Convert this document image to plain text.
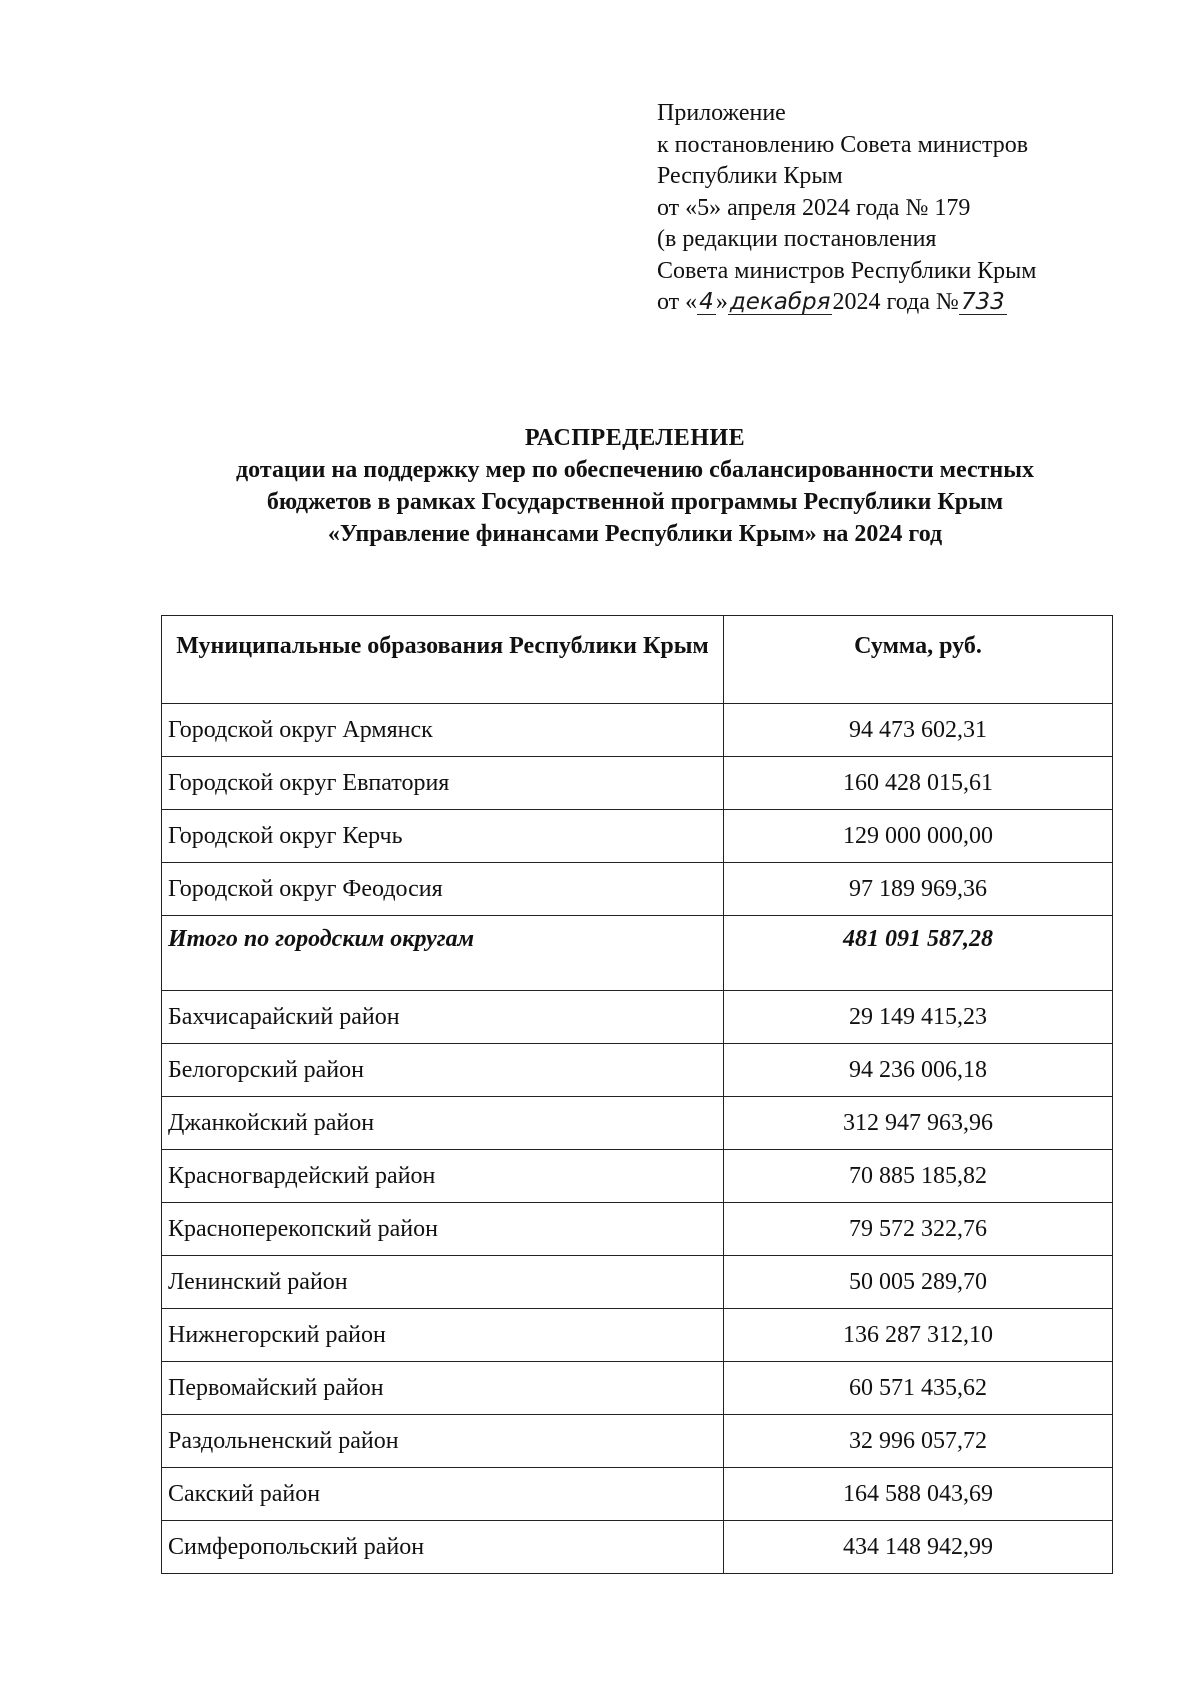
Приложение
к постановлению Совета министров
Республики Крым
от «5» апреля 2024 года № 179
(в редакции постановления
Совета министров Республики Крым
от «4»декабря2024 года №733
РАСПРЕДЕЛЕНИЕ
дотации на поддержку мер по обеспечению сбалансированности местных
бюджетов в рамках Государственной программы Республики Крым
«Управление финансами Республики Крым» на 2024 год
Муниципальные образования Республики Крым	Сумма, руб.
Городской округ Армянск	94 473 602,31
Городской округ Евпатория	160 428 015,61
Городской округ Керчь	129 000 000,00
Городской округ Феодосия	97 189 969,36
Итого по городским округам	481 091 587,28
Бахчисарайский район	29 149 415,23
Белогорский район	94 236 006,18
Джанкойский район	312 947 963,96
Красногвардейский район	70 885 185,82
Красноперекопский район	79 572 322,76
Ленинский район	50 005 289,70
Нижнегорский район	136 287 312,10
Первомайский район	60 571 435,62
Раздольненский район	32 996 057,72
Сакский район	164 588 043,69
Симферопольский район	434 148 942,99
